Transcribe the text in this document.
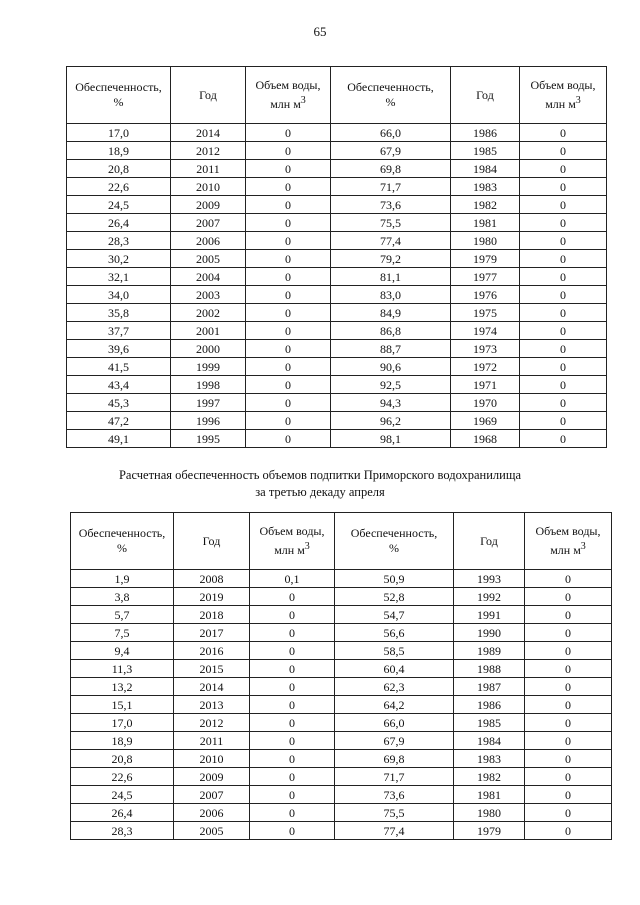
65
Обеспеченность,
%	Год	Объем воды,
млн $м^3$	Обеспеченность,
%	Год	Объем воды,
млн $м^3$
17,0	2014	0	66,0	1986	0
18,9	2012	0	67,9	1985	0
20,8	2011	0	69,8	1984	0
22,6	2010	0	71,7	1983	0
24,5	2009	0	73,6	1982	0
26,4	2007	0	75,5	1981	0
28,3	2006	0	77,4	1980	0
30,2	2005	0	79,2	1979	0
32,1	2004	0	81,1	1977	0
34,0	2003	0	83,0	1976	0
35,8	2002	0	84,9	1975	0
37,7	2001	0	86,8	1974	0
39,6	2000	0	88,7	1973	0
41,5	1999	0	90,6	1972	0
43,4	1998	0	92,5	1971	0
45,3	1997	0	94,3	1970	0
47,2	1996	0	96,2	1969	0
49,1	1995	0	98,1	1968	0
Расчетная обеспеченность объемов подпитки Приморского водохранилища
за третью декаду апреля
Обеспеченность,
%	Год	Объем воды,
млн $м^3$	Обеспеченность,
%	Год	Объем воды,
млн $м^3$
1,9	2008	0,1	50,9	1993	0
3,8	2019	0	52,8	1992	0
5,7	2018	0	54,7	1991	0
7,5	2017	0	56,6	1990	0
9,4	2016	0	58,5	1989	0
11,3	2015	0	60,4	1988	0
13,2	2014	0	62,3	1987	0
15,1	2013	0	64,2	1986	0
17,0	2012	0	66,0	1985	0
18,9	2011	0	67,9	1984	0
20,8	2010	0	69,8	1983	0
22,6	2009	0	71,7	1982	0
24,5	2007	0	73,6	1981	0
26,4	2006	0	75,5	1980	0
28,3	2005	0	77,4	1979	0
